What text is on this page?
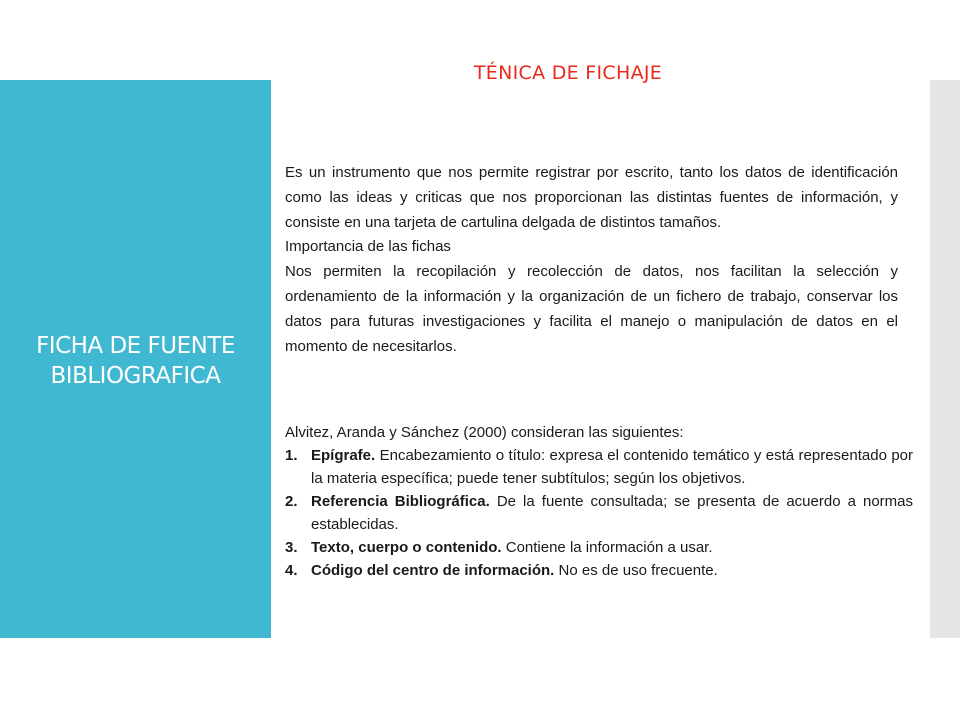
TÉNICA DE FICHAJE
FICHA DE FUENTE BIBLIOGRAFICA

Es un instrumento que nos permite registrar por escrito, tanto los datos de identificación como las ideas y criticas que nos proporcionan las distintas fuentes de información, y consiste en una tarjeta de cartulina delgada de distintos tamaños.

Importancia de las fichas

Nos permiten la recopilación y recolección de datos, nos facilitan la selección y ordenamiento de la información y la organización de un fichero de trabajo, conservar los datos para futuras investigaciones y facilita el manejo o manipulación de datos en el momento de necesitarlos.

Alvitez, Aranda y Sánchez (2000) consideran las siguientes:

1. Epígrafe. Encabezamiento o título: expresa el contenido temático y está representado por la materia específica; puede tener subtítulos; según los objetivos.
2. Referencia Bibliográfica. De la fuente consultada; se presenta de acuerdo a normas establecidas.
3. Texto, cuerpo o contenido. Contiene la información a usar.
4. Código del centro de información. No es de uso frecuente.
